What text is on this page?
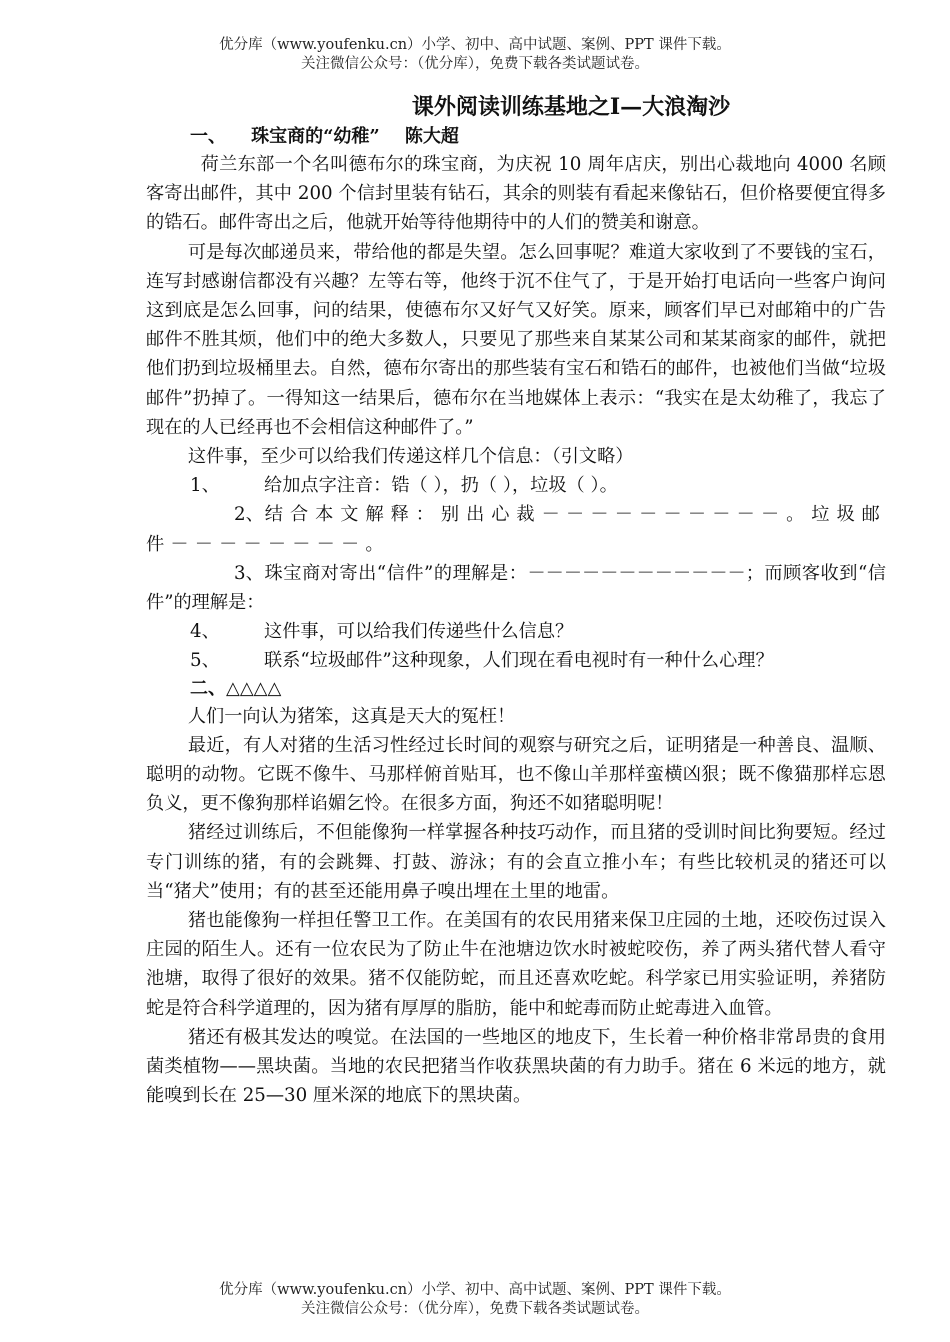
优分库（www.youfenku.cn）小学、初中、高中试题、案例、PPT 课件下载。
关注微信公众号：（优分库），免费下载各类试题试卷。
课外阅读训练基地之Ⅰ—大浪淘沙
一、    珠宝商的“幼稚”    陈大超

荷兰东部一个名叫德布尔的珠宝商，为庆祝 10 周年店庆，别出心裁地向 4000 名顾客寄出邮件，其中 200 个信封里装有钻石，其余的则装有看起来像钻石，但价格要便宜得多的锆石。邮件寄出之后，他就开始等待他期待中的人们的赞美和谢意。

可是每次邮递员来，带给他的都是失望。怎么回事呢？难道大家收到了不要钱的宝石，连写封感谢信都没有兴趣？左等右等，他终于沉不住气了，于是开始打电话向一些客户询问这到底是怎么回事，问的结果，使德布尔又好气又好笑。原来，顾客们早已对邮箱中的广告邮件不胜其烦，他们中的绝大多数人，只要见了那些来自某某公司和某某商家的邮件，就把他们扔到垃圾桶里去。自然，德布尔寄出的那些装有宝石和锆石的邮件，也被他们当做“垃圾邮件”扔掉了。一得知这一结果后，德布尔在当地媒体上表示：“我实在是太幼稚了，我忘了现在的人已经再也不会相信这种邮件了。”

这件事，至少可以给我们传递这样几个信息：（引文略）

1、 给加点字注音：锆（ ），扔（ ），垃圾（ ）。

2、结合本文解释：别出心裁－－－－－－－－－－。垃圾邮件－－－－－－－－。

3、珠宝商对寄出“信件”的理解是：－－－－－－－－－－－－；而顾客收到“信件”的理解是：

4、 这件事，可以给我们传递些什么信息？

5、 联系“垃圾邮件”这种现象，人们现在看电视时有一种什么心理？

二、△△△△

人们一向认为猪笨，这真是天大的冤枉！

最近，有人对猪的生活习性经过长时间的观察与研究之后，证明猪是一种善良、温顺、聪明的动物。它既不像牛、马那样俯首贴耳，也不像山羊那样蛮横凶狠；既不像猫那样忘恩负义，更不像狗那样谄媚乞怜。在很多方面，狗还不如猪聪明呢！

猪经过训练后，不但能像狗一样掌握各种技巧动作，而且猪的受训时间比狗要短。经过专门训练的猪，有的会跳舞、打鼓、游泳；有的会直立推小车；有些比较机灵的猪还可以当“猪犬”使用；有的甚至还能用鼻子嗅出埋在土里的地雷。

猪也能像狗一样担任警卫工作。在美国有的农民用猪来保卫庄园的土地，还咬伤过误入庄园的陌生人。还有一位农民为了防止牛在池塘边饮水时被蛇咬伤，养了两头猪代替人看守池塘，取得了很好的效果。猪不仅能防蛇，而且还喜欢吃蛇。科学家已用实验证明，养猪防蛇是符合科学道理的，因为猪有厚厚的脂肪，能中和蛇毒而防止蛇毒进入血管。

猪还有极其发达的嗅觉。在法国的一些地区的地皮下，生长着一种价格非常昂贵的食用菌类植物——黑块菌。当地的农民把猪当作收获黑块菌的有力助手。猪在 6 米远的地方，就能嗅到长在 25—30 厘米深的地底下的黑块菌。

优分库（www.youfenku.cn）小学、初中、高中试题、案例、PPT 课件下载。
关注微信公众号：（优分库），免费下载各类试题试卷。
